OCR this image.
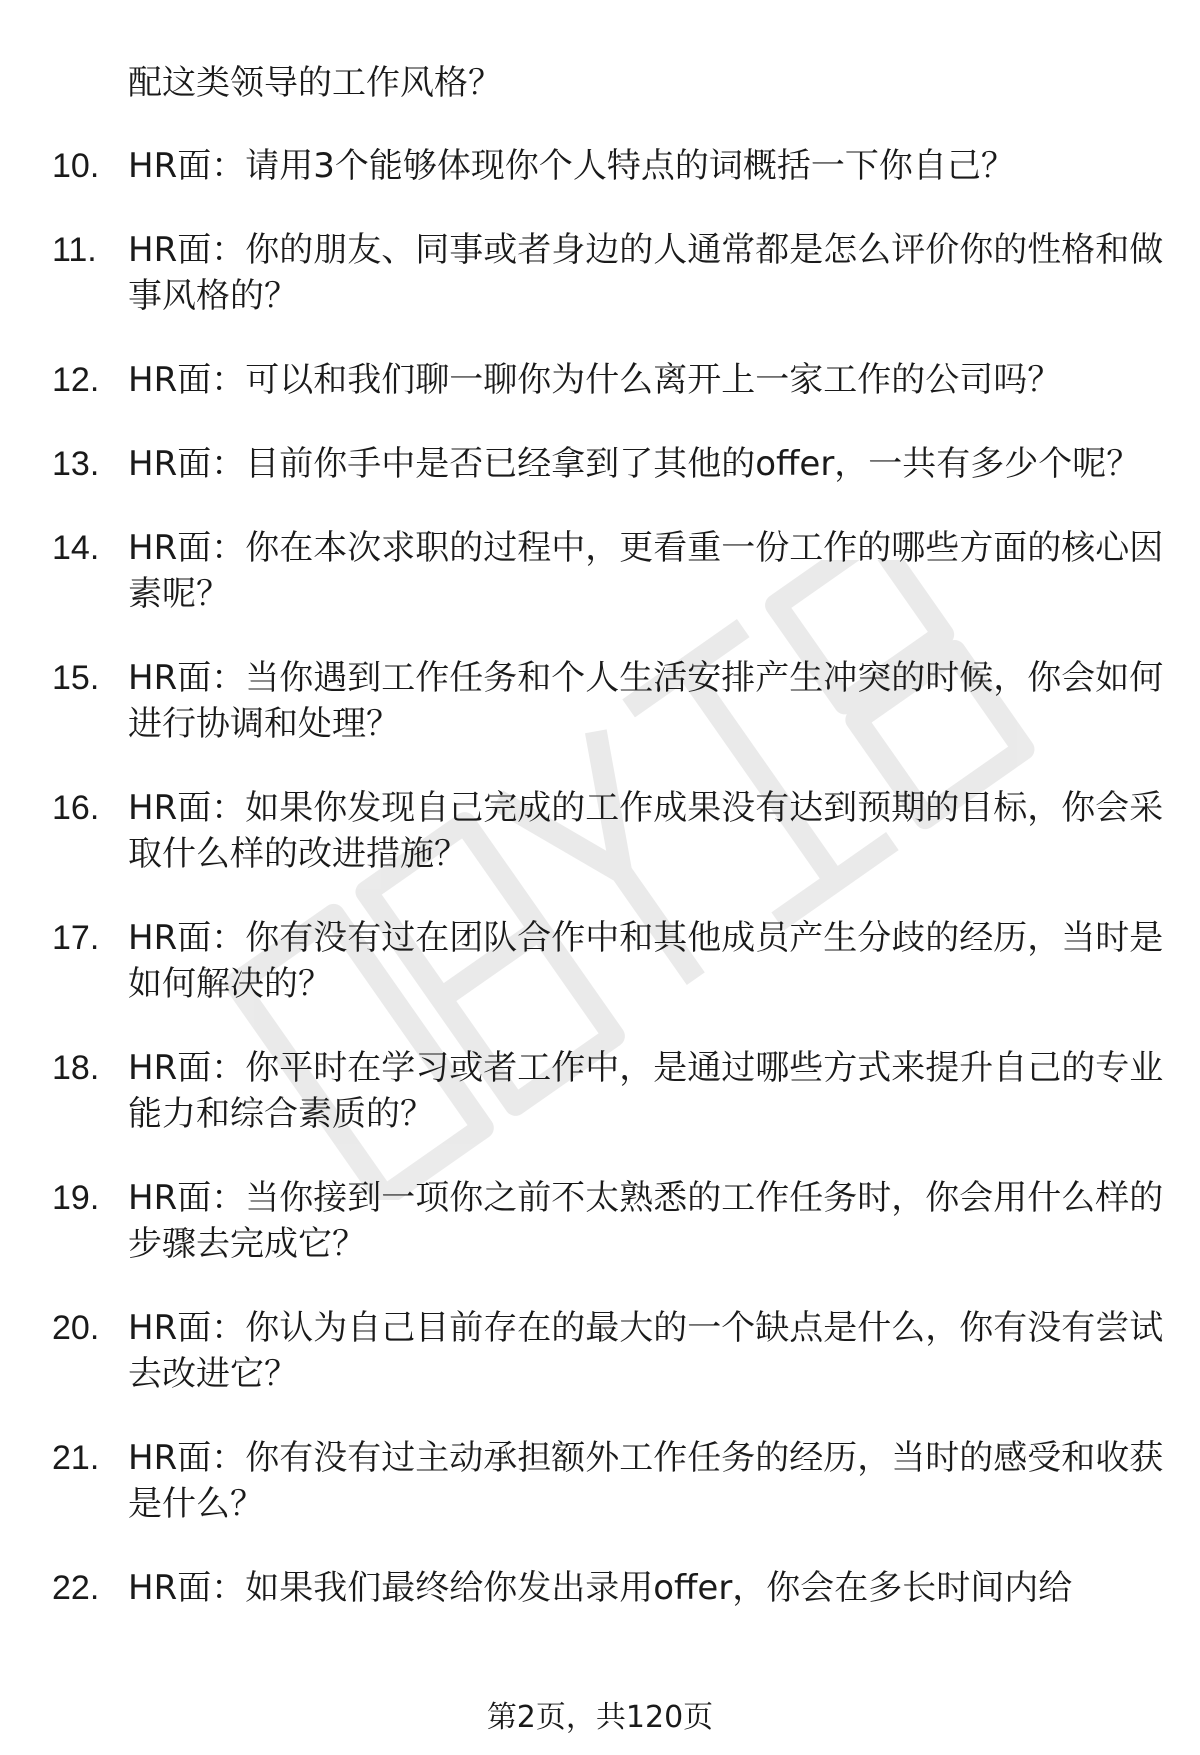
配这类领导的工作风格？
10. HR面：请用3个能够体现你个人特点的词概括一下你自己？
11. HR面：你的朋友、同事或者身边的人通常都是怎么评价你的性格和做事风格的？
12. HR面：可以和我们聊一聊你为什么离开上一家工作的公司吗？
13. HR面：目前你手中是否已经拿到了其他的offer，一共有多少个呢？
14. HR面：你在本次求职的过程中，更看重一份工作的哪些方面的核心因素呢？
15. HR面：当你遇到工作任务和个人生活安排产生冲突的时候，你会如何进行协调和处理？
16. HR面：如果你发现自己完成的工作成果没有达到预期的目标，你会采取什么样的改进措施？
17. HR面：你有没有过在团队合作中和其他成员产生分歧的经历，当时是如何解决的？
18. HR面：你平时在学习或者工作中，是通过哪些方式来提升自己的专业能力和综合素质的？
19. HR面：当你接到一项你之前不太熟悉的工作任务时，你会用什么样的步骤去完成它？
20. HR面：你认为自己目前存在的最大的一个缺点是什么，你有没有尝试去改进它？
21. HR面：你有没有过主动承担额外工作任务的经历，当时的感受和收获是什么？
22. HR面：如果我们最终给你发出录用offer，你会在多长时间内给
第2页，共120页
